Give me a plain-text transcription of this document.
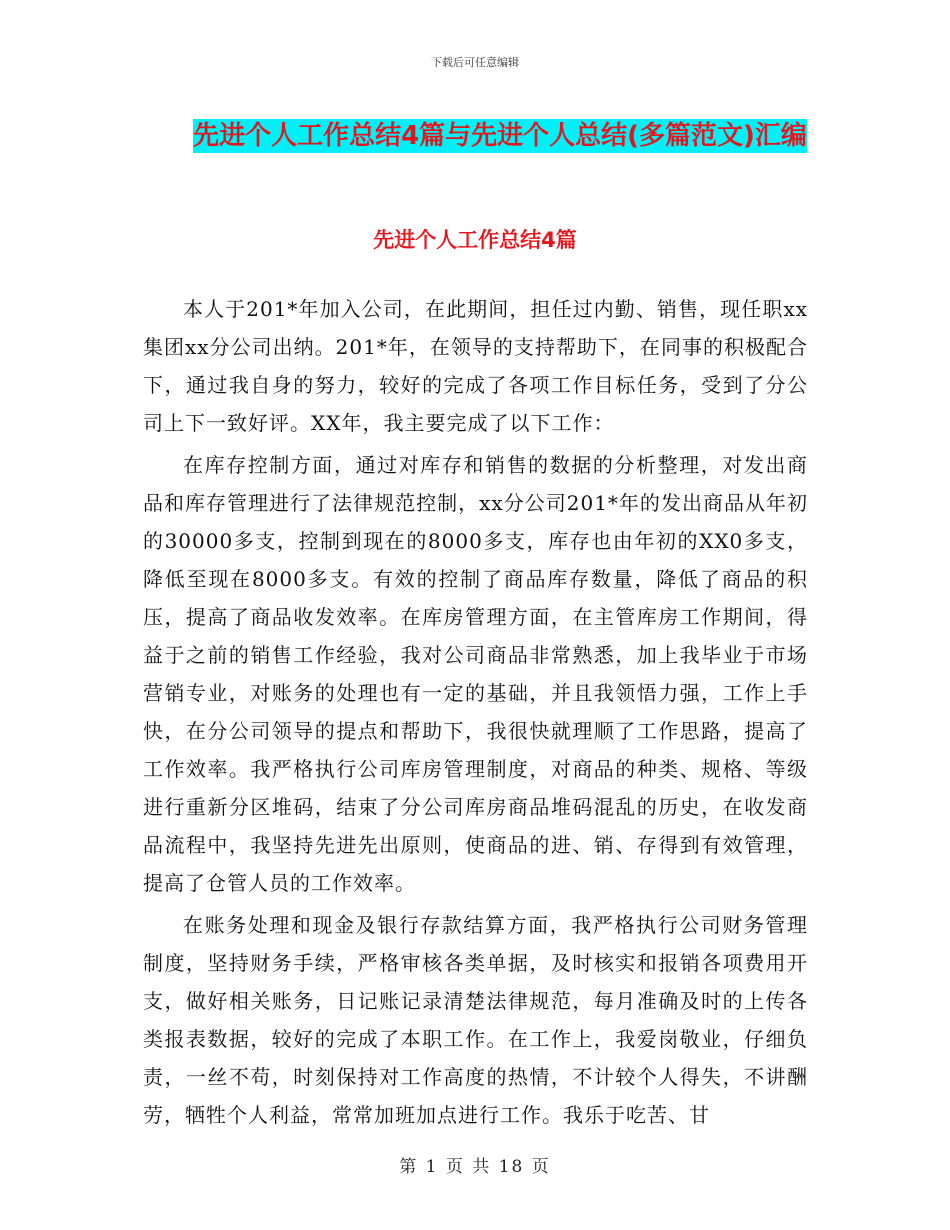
下载后可任意编辑
先进个人工作总结4篇与先进个人总结(多篇范文)汇编
先进个人工作总结4篇

本人于201*年加入公司，在此期间，担任过内勤、销售，现任职xx集团xx分公司出纳。201*年，在领导的支持帮助下，在同事的积极配合下，通过我自身的努力，较好的完成了各项工作目标任务，受到了分公司上下一致好评。XX年，我主要完成了以下工作：

在库存控制方面，通过对库存和销售的数据的分析整理，对发出商品和库存管理进行了法律规范控制，xx分公司201*年的发出商品从年初的30000多支，控制到现在的8000多支，库存也由年初的XX0多支，降低至现在8000多支。有效的控制了商品库存数量，降低了商品的积压，提高了商品收发效率。在库房管理方面，在主管库房工作期间，得益于之前的销售工作经验，我对公司商品非常熟悉，加上我毕业于市场营销专业，对账务的处理也有一定的基础，并且我领悟力强，工作上手快，在分公司领导的提点和帮助下，我很快就理顺了工作思路，提高了工作效率。我严格执行公司库房管理制度，对商品的种类、规格、等级进行重新分区堆码，结束了分公司库房商品堆码混乱的历史，在收发商品流程中，我坚持先进先出原则，使商品的进、销、存得到有效管理，提高了仓管人员的工作效率。

在账务处理和现金及银行存款结算方面，我严格执行公司财务管理制度，坚持财务手续，严格审核各类单据，及时核实和报销各项费用开支，做好相关账务，日记账记录清楚法律规范，每月准确及时的上传各类报表数据，较好的完成了本职工作。在工作上，我爱岗敬业，仔细负责，一丝不苟，时刻保持对工作高度的热情，不计较个人得失，不讲酬劳，牺牲个人利益，常常加班加点进行工作。我乐于吃苦、甘

第 1 页 共 18 页
